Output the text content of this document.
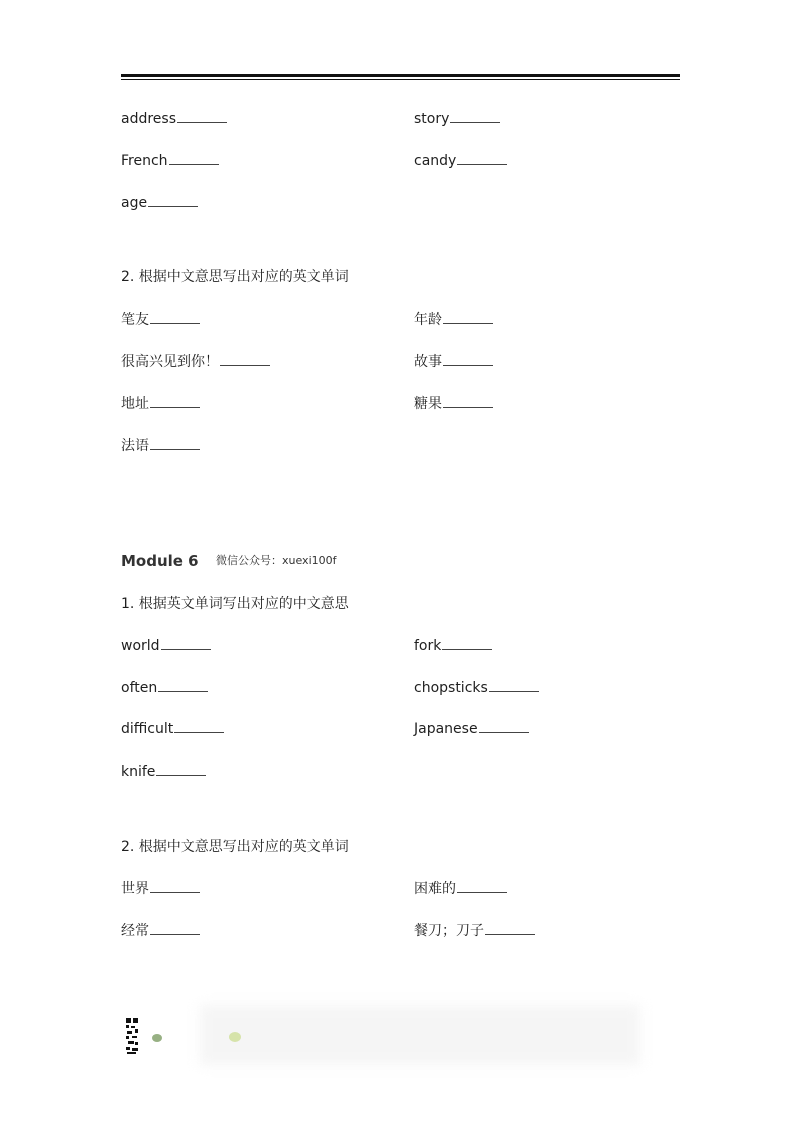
address
French
age
story
candy
2. 根据中文意思写出对应的英文单词
笔友
很高兴见到你！
地址
法语
年龄
故事
糖果
Module 6 微信公众号：xuexi100f
1. 根据英文单词写出对应的中文意思
world
often
difficult
knife
fork
chopsticks
Japanese
2. 根据中文意思写出对应的英文单词
世界
经常
困难的
餐刀；刀子
